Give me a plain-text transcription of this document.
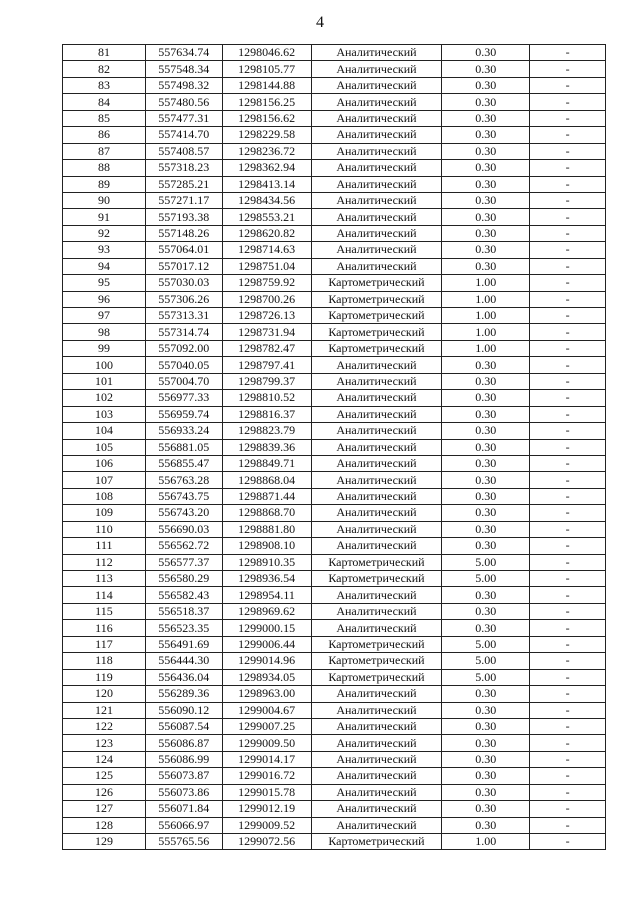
4
81	557634.74	1298046.62	Аналитический	0.30	-
82	557548.34	1298105.77	Аналитический	0.30	-
83	557498.32	1298144.88	Аналитический	0.30	-
84	557480.56	1298156.25	Аналитический	0.30	-
85	557477.31	1298156.62	Аналитический	0.30	-
86	557414.70	1298229.58	Аналитический	0.30	-
87	557408.57	1298236.72	Аналитический	0.30	-
88	557318.23	1298362.94	Аналитический	0.30	-
89	557285.21	1298413.14	Аналитический	0.30	-
90	557271.17	1298434.56	Аналитический	0.30	-
91	557193.38	1298553.21	Аналитический	0.30	-
92	557148.26	1298620.82	Аналитический	0.30	-
93	557064.01	1298714.63	Аналитический	0.30	-
94	557017.12	1298751.04	Аналитический	0.30	-
95	557030.03	1298759.92	Картометрический	1.00	-
96	557306.26	1298700.26	Картометрический	1.00	-
97	557313.31	1298726.13	Картометрический	1.00	-
98	557314.74	1298731.94	Картометрический	1.00	-
99	557092.00	1298782.47	Картометрический	1.00	-
100	557040.05	1298797.41	Аналитический	0.30	-
101	557004.70	1298799.37	Аналитический	0.30	-
102	556977.33	1298810.52	Аналитический	0.30	-
103	556959.74	1298816.37	Аналитический	0.30	-
104	556933.24	1298823.79	Аналитический	0.30	-
105	556881.05	1298839.36	Аналитический	0.30	-
106	556855.47	1298849.71	Аналитический	0.30	-
107	556763.28	1298868.04	Аналитический	0.30	-
108	556743.75	1298871.44	Аналитический	0.30	-
109	556743.20	1298868.70	Аналитический	0.30	-
110	556690.03	1298881.80	Аналитический	0.30	-
111	556562.72	1298908.10	Аналитический	0.30	-
112	556577.37	1298910.35	Картометрический	5.00	-
113	556580.29	1298936.54	Картометрический	5.00	-
114	556582.43	1298954.11	Аналитический	0.30	-
115	556518.37	1298969.62	Аналитический	0.30	-
116	556523.35	1299000.15	Аналитический	0.30	-
117	556491.69	1299006.44	Картометрический	5.00	-
118	556444.30	1299014.96	Картометрический	5.00	-
119	556436.04	1298934.05	Картометрический	5.00	-
120	556289.36	1298963.00	Аналитический	0.30	-
121	556090.12	1299004.67	Аналитический	0.30	-
122	556087.54	1299007.25	Аналитический	0.30	-
123	556086.87	1299009.50	Аналитический	0.30	-
124	556086.99	1299014.17	Аналитический	0.30	-
125	556073.87	1299016.72	Аналитический	0.30	-
126	556073.86	1299015.78	Аналитический	0.30	-
127	556071.84	1299012.19	Аналитический	0.30	-
128	556066.97	1299009.52	Аналитический	0.30	-
129	555765.56	1299072.56	Картометрический	1.00	-
